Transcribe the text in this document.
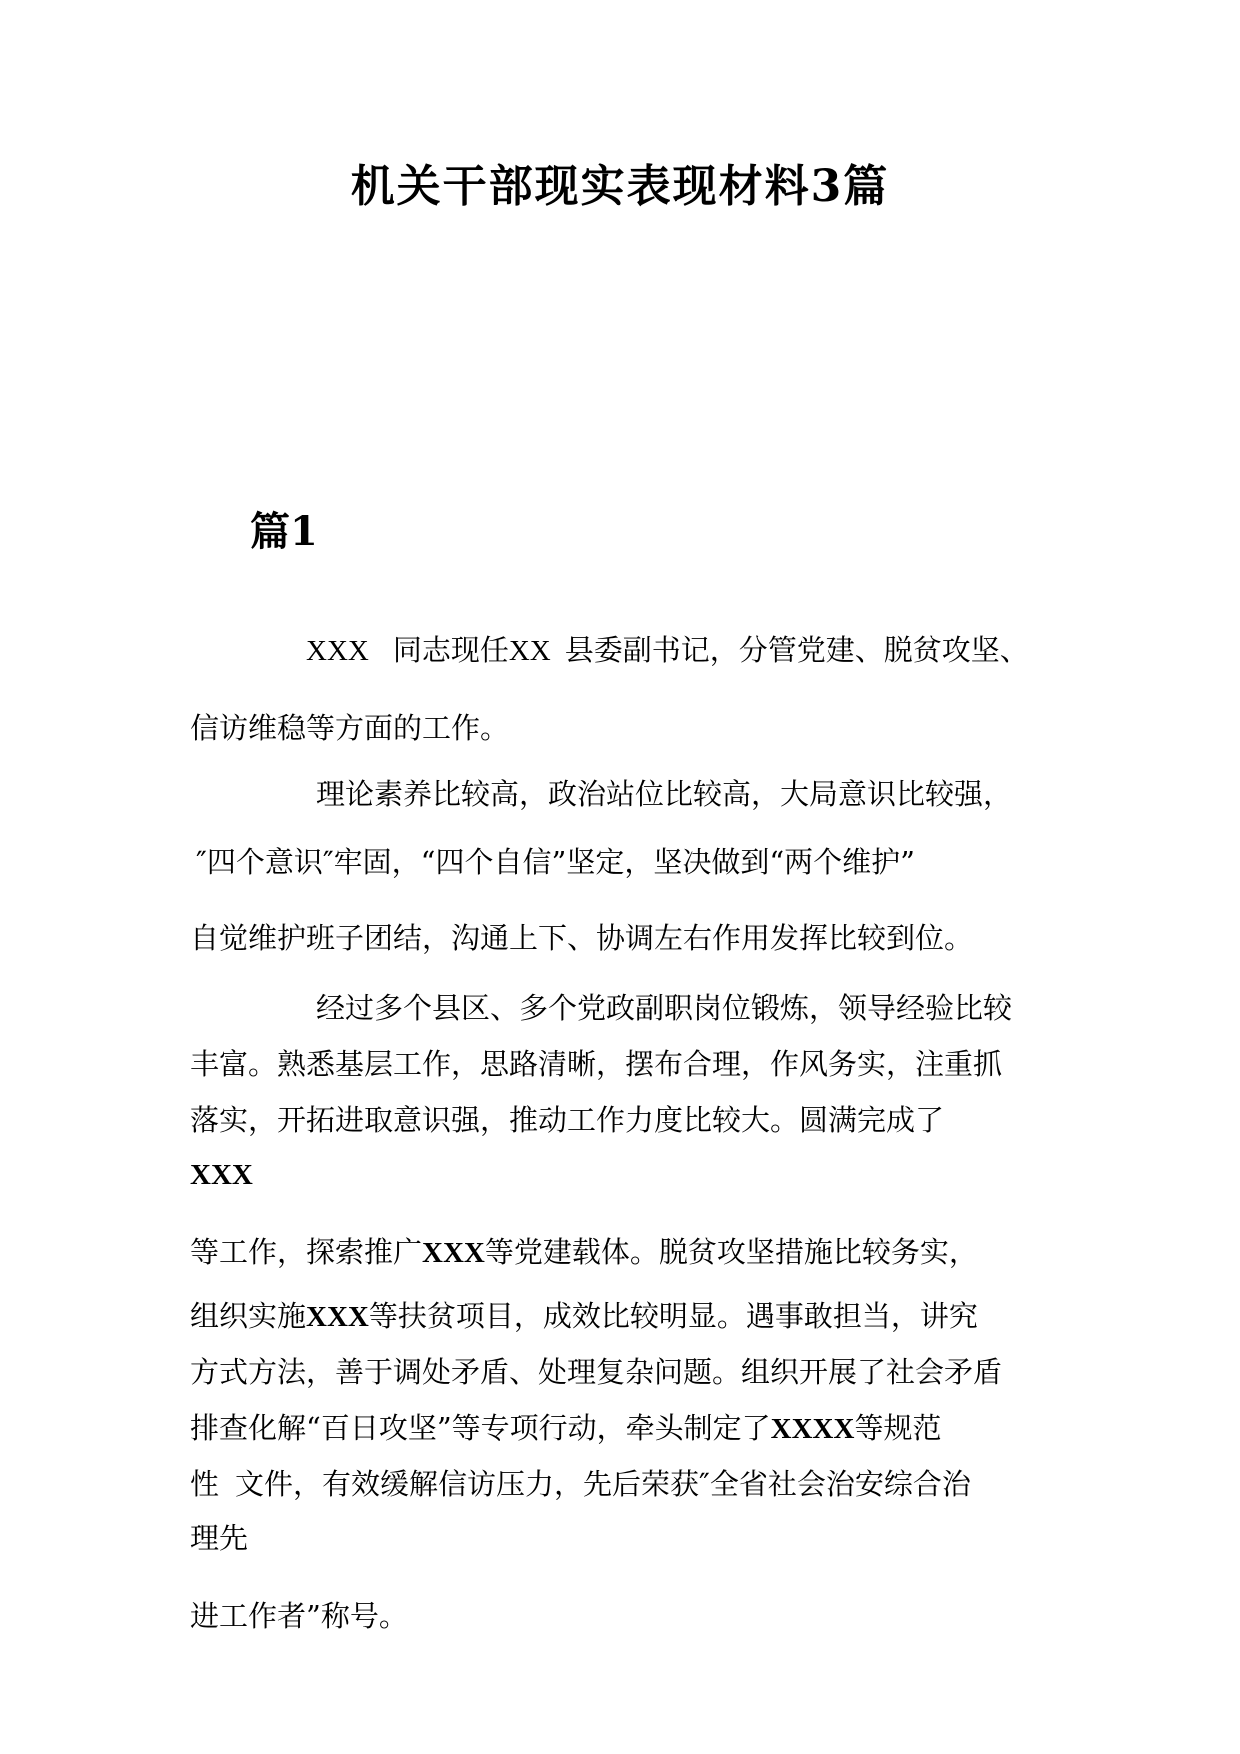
机关干部现实表现材料3篇
篇1
XXX 同志现任XX 县委副书记，分管党建、脱贫攻坚、
信访维稳等方面的工作。
理论素养比较高，政治站位比较高，大局意识比较强，
″四个意识″牢固，“四个自信”坚定，坚决做到“两个维护”
自觉维护班子团结，沟通上下、协调左右作用发挥比较到位。
经过多个县区、多个党政副职岗位锻炼，领导经验比较
丰富。熟悉基层工作，思路清晰，摆布合理，作风务实，注重抓
落实，开拓进取意识强，推动工作力度比较大。圆满完成了
XXX
等工作，探索推广XXX等党建载体。脱贫攻坚措施比较务实，
组织实施XXX等扶贫项目，成效比较明显。遇事敢担当，讲究
方式方法，善于调处矛盾、处理复杂问题。组织开展了社会矛盾
排查化解“百日攻坚”等专项行动，牵头制定了XXXX等规范
性 文件，有效缓解信访压力，先后荣获″全省社会治安综合治
理先
进工作者”称号。
